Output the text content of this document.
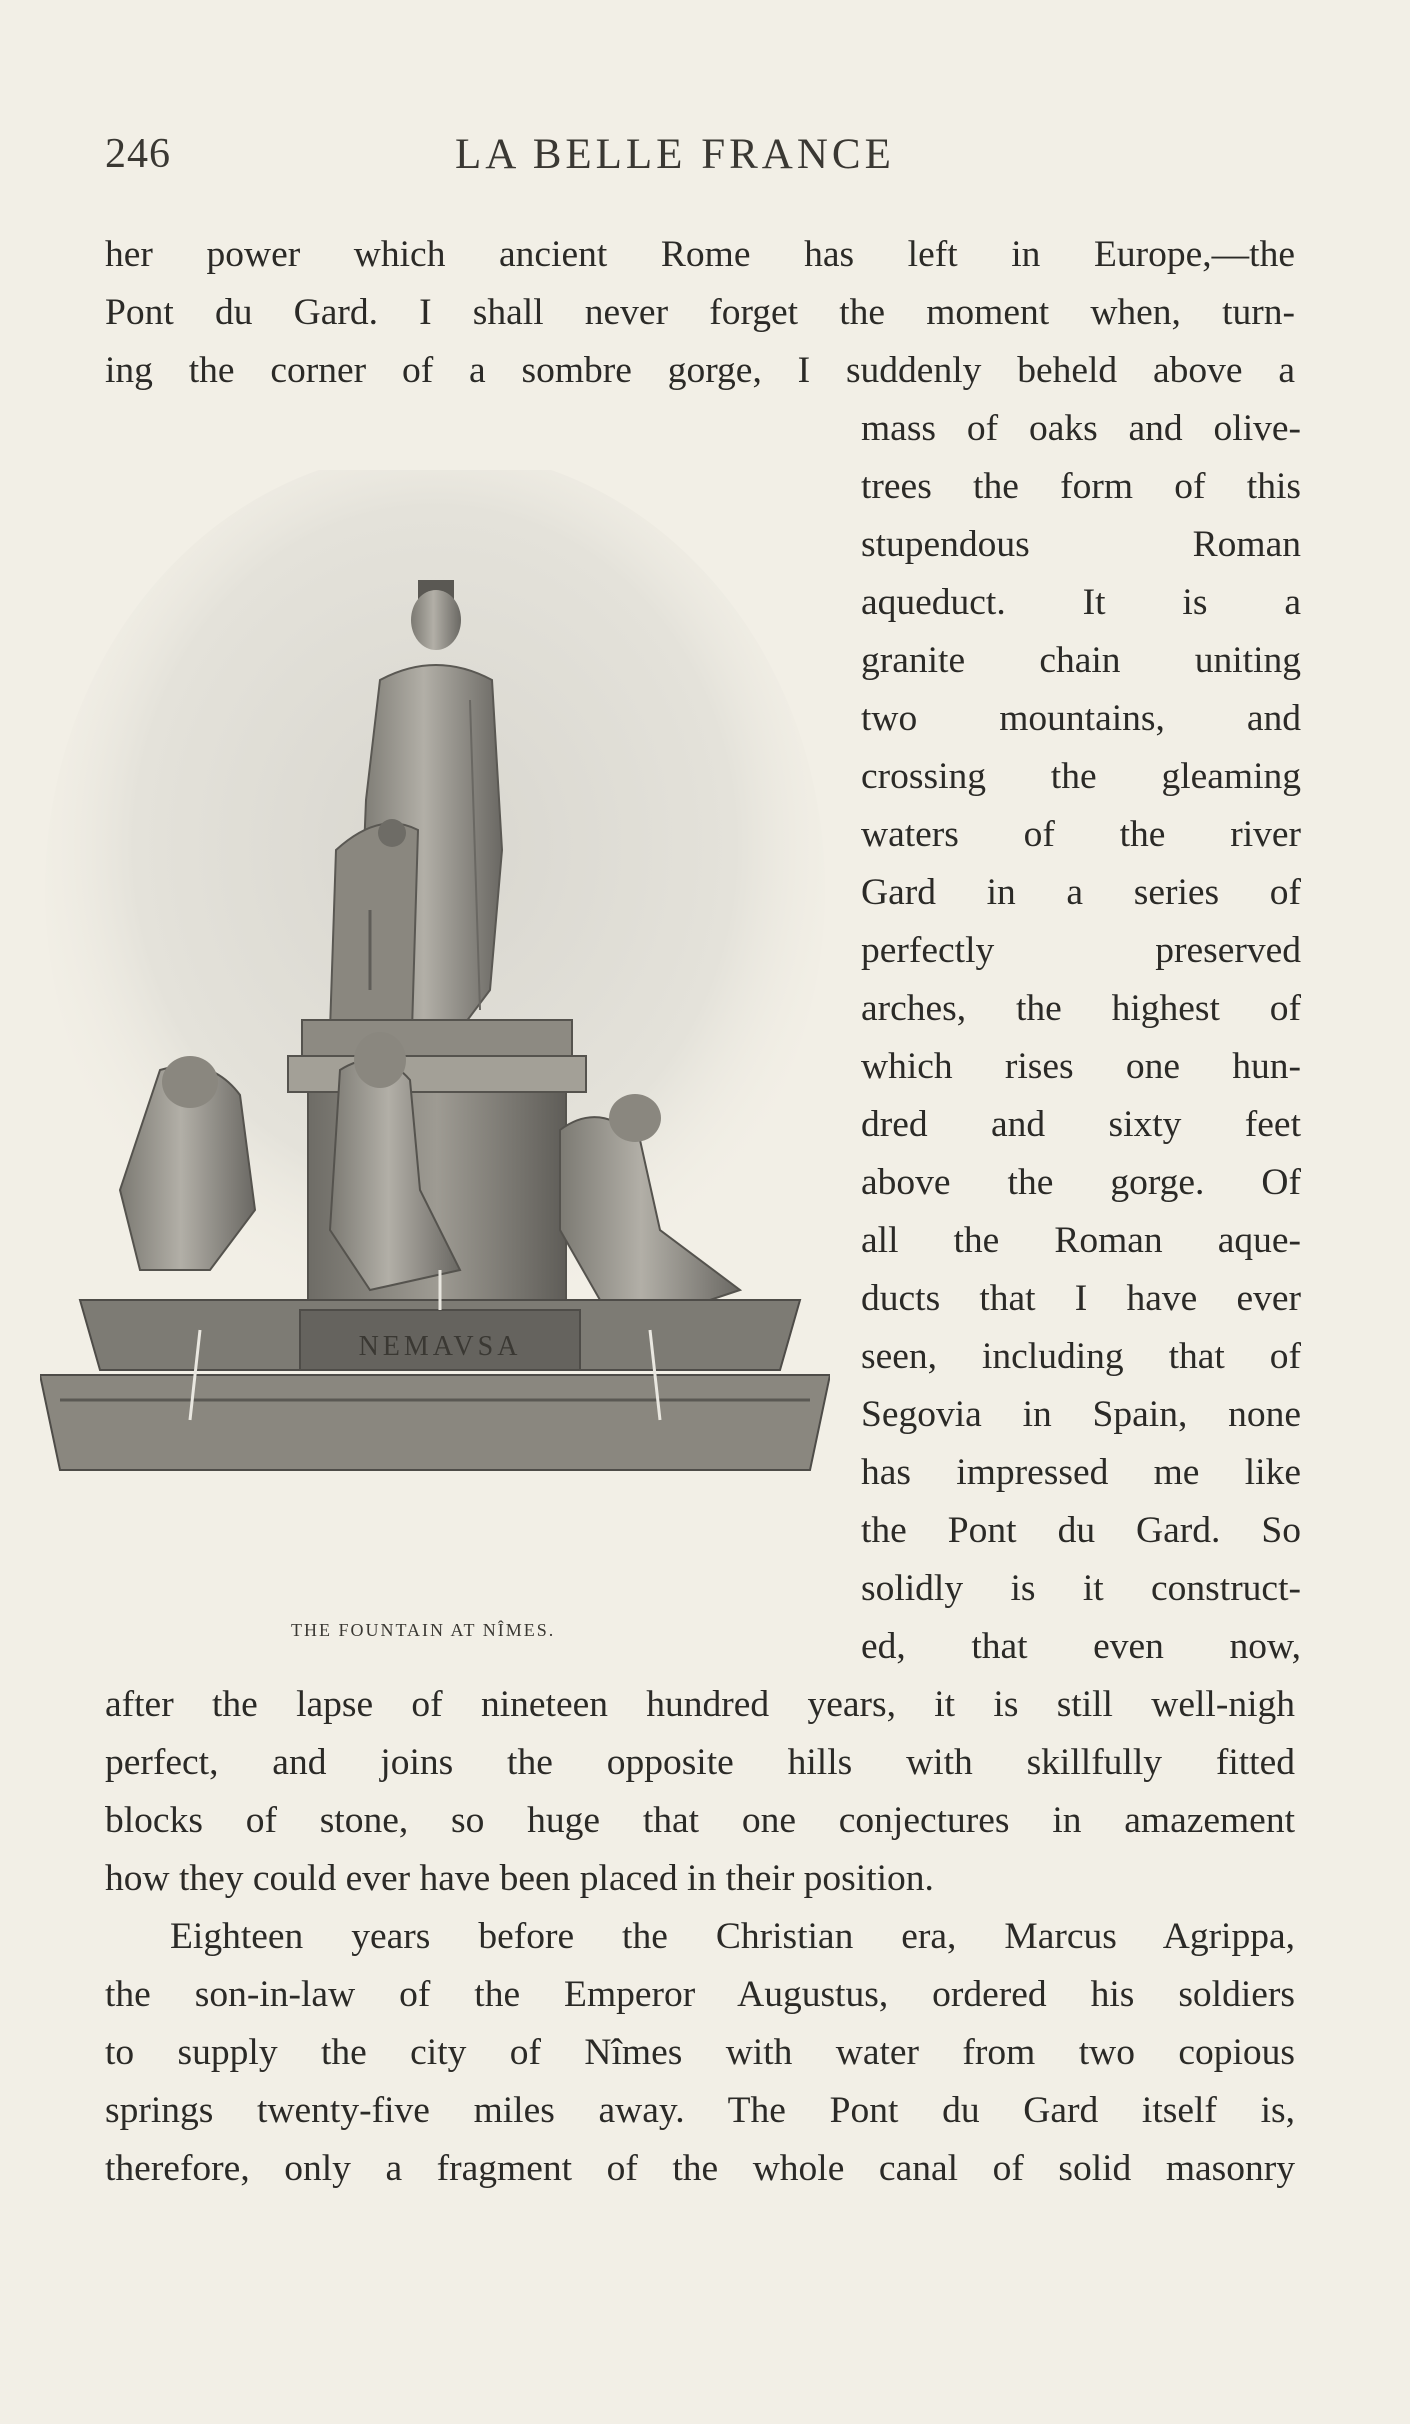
246	LA BELLE FRANCE
her power which ancient Rome has left in Europe,—the
Pont du Gard. I shall never forget the moment when, turn-
ing the corner of a sombre gorge, I suddenly beheld above a
mass of oaks and olive-
trees the form of this
stupendous Roman
aqueduct. It is a
granite chain uniting
two mountains, and
crossing the gleaming
waters of the river
Gard in a series of
perfectly preserved
arches, the highest of
which rises one hun-
dred and sixty feet
above the gorge. Of
all the Roman aque-
ducts that I have ever
seen, including that of
Segovia in Spain, none
has impressed me like
the Pont du Gard. So
solidly is it construct-
ed, that even now,
after the lapse of nineteen hundred years, it is still well-nigh
perfect, and joins the opposite hills with skillfully fitted
blocks of stone, so huge that one conjectures in amazement
how they could ever have been placed in their position.
Eighteen years before the Christian era, Marcus Agrippa,
the son-in-law of the Emperor Augustus, ordered his soldiers
to supply the city of Nîmes with water from two copious
springs twenty-five miles away. The Pont du Gard itself is,
therefore, only a fragment of the whole canal of solid masonry
NEMAVSA
THE FOUNTAIN AT NÎMES.
